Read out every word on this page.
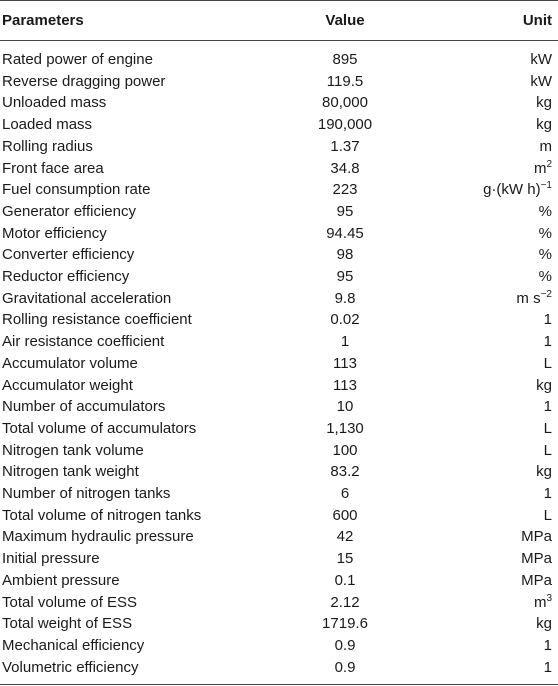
Parameters	Value	Unit
Rated power of engine	895	kW
Reverse dragging power	119.5	kW
Unloaded mass	80,000	kg
Loaded mass	190,000	kg
Rolling radius	1.37	m
Front face area	34.8	$m^2$
Fuel consumption rate	223	g·(kW h)$^{-1}$
Generator efficiency	95	%
Motor efficiency	94.45	%
Converter efficiency	98	%
Reductor efficiency	95	%
Gravitational acceleration	9.8	m $s^{-2}$
Rolling resistance coefficient	0.02	1
Air resistance coefficient	1	1
Accumulator volume	113	L
Accumulator weight	113	kg
Number of accumulators	10	1
Total volume of accumulators	1,130	L
Nitrogen tank volume	100	L
Nitrogen tank weight	83.2	kg
Number of nitrogen tanks	6	1
Total volume of nitrogen tanks	600	L
Maximum hydraulic pressure	42	MPa
Initial pressure	15	MPa
Ambient pressure	0.1	MPa
Total volume of ESS	2.12	$m^3$
Total weight of ESS	1719.6	kg
Mechanical efficiency	0.9	1
Volumetric efficiency	0.9	1
